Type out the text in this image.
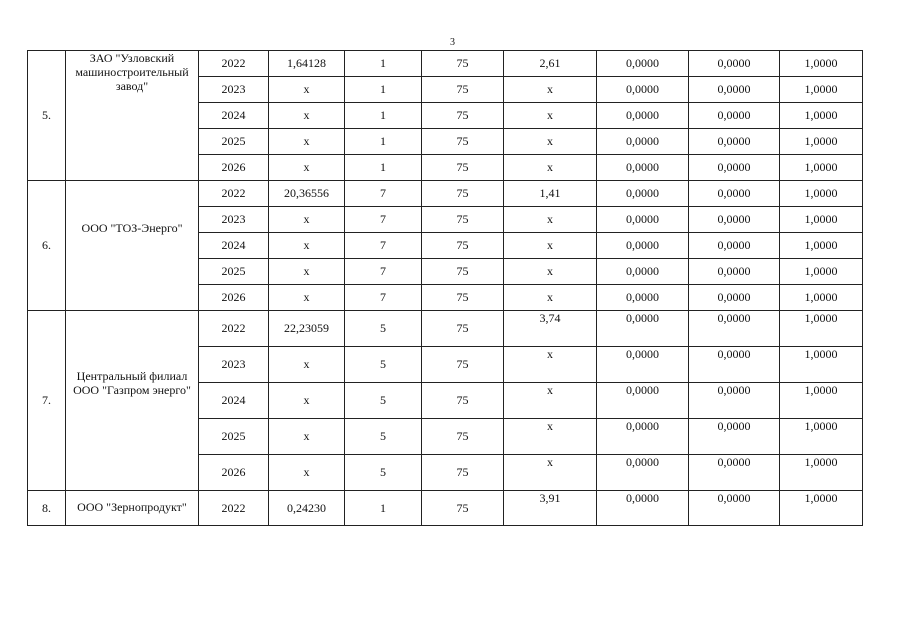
3
5.	ЗАО "Узловский машиностроительный завод"	2022	1,64128	1	75	2,61	0,0000	0,0000	1,0000
		2023	x	1	75	x	0,0000	0,0000	1,0000
		2024	x	1	75	x	0,0000	0,0000	1,0000
		2025	x	1	75	x	0,0000	0,0000	1,0000
		2026	x	1	75	x	0,0000	0,0000	1,0000
6.	ООО "ТОЗ-Энерго"	2022	20,36556	7	75	1,41	0,0000	0,0000	1,0000
		2023	x	7	75	x	0,0000	0,0000	1,0000
		2024	x	7	75	x	0,0000	0,0000	1,0000
		2025	x	7	75	x	0,0000	0,0000	1,0000
		2026	x	7	75	x	0,0000	0,0000	1,0000
7.	Центральный филиал ООО "Газпром энерго"	2022	22,23059	5	75	3,74	0,0000	0,0000	1,0000
		2023	x	5	75	x	0,0000	0,0000	1,0000
		2024	x	5	75	x	0,0000	0,0000	1,0000
		2025	x	5	75	x	0,0000	0,0000	1,0000
		2026	x	5	75	x	0,0000	0,0000	1,0000
8.	ООО "Зернопродукт"	2022	0,24230	1	75	3,91	0,0000	0,0000	1,0000
